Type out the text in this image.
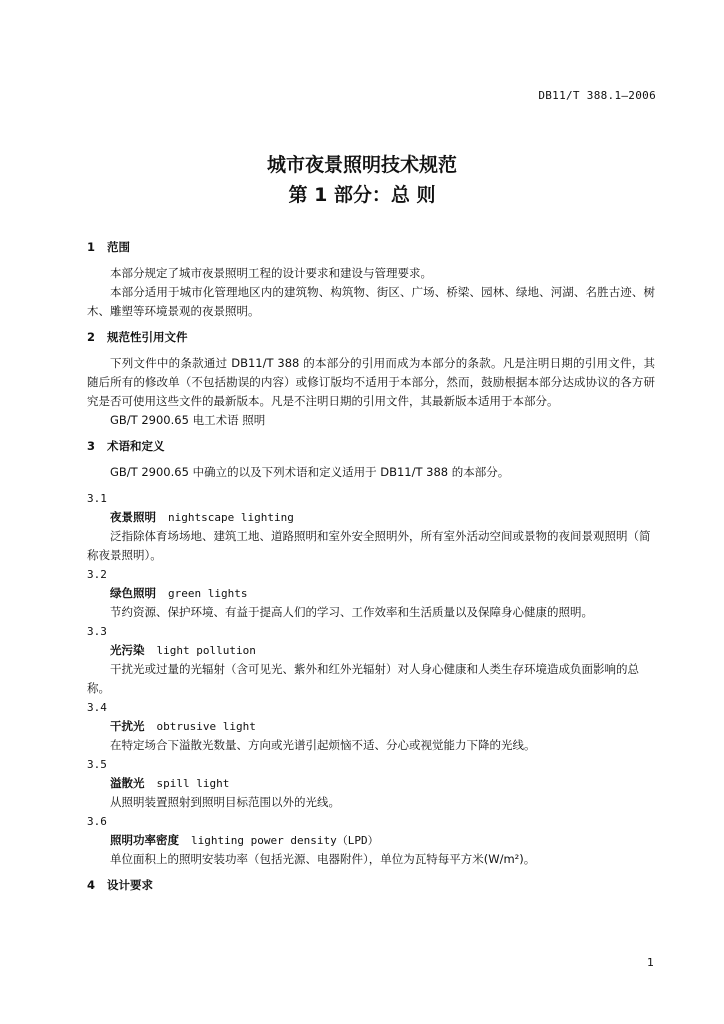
DB11/T 388.1—2006
城市夜景照明技术规范
第 1 部分：总 则
1 范围

本部分规定了城市夜景照明工程的设计要求和建设与管理要求。

本部分适用于城市化管理地区内的建筑物、构筑物、街区、广场、桥梁、园林、绿地、河湖、名胜古迹、树木、雕塑等环境景观的夜景照明。

2 规范性引用文件

下列文件中的条款通过 DB11/T 388 的本部分的引用而成为本部分的条款。凡是注明日期的引用文件，其随后所有的修改单（不包括勘误的内容）或修订版均不适用于本部分，然而，鼓励根据本部分达成协议的各方研究是否可使用这些文件的最新版本。凡是不注明日期的引用文件，其最新版本适用于本部分。

GB/T 2900.65 电工术语 照明

3 术语和定义

GB/T 2900.65 中确立的以及下列术语和定义适用于 DB11/T 388 的本部分。

3.1
夜景照明 nightscape lighting

泛指除体育场场地、建筑工地、道路照明和室外安全照明外，所有室外活动空间或景物的夜间景观照明（简称夜景照明）。

3.2
绿色照明 green lights

节约资源、保护环境、有益于提高人们的学习、工作效率和生活质量以及保障身心健康的照明。

3.3
光污染 light pollution

干扰光或过量的光辐射（含可见光、紫外和红外光辐射）对人身心健康和人类生存环境造成负面影响的总称。

3.4
干扰光 obtrusive light

在特定场合下溢散光数量、方向或光谱引起烦恼不适、分心或视觉能力下降的光线。

3.5
溢散光 spill light

从照明装置照射到照明目标范围以外的光线。

3.6
照明功率密度 lighting power density（LPD）

单位面积上的照明安装功率（包括光源、电器附件），单位为瓦特每平方米(W/m²)。

4 设计要求
1
